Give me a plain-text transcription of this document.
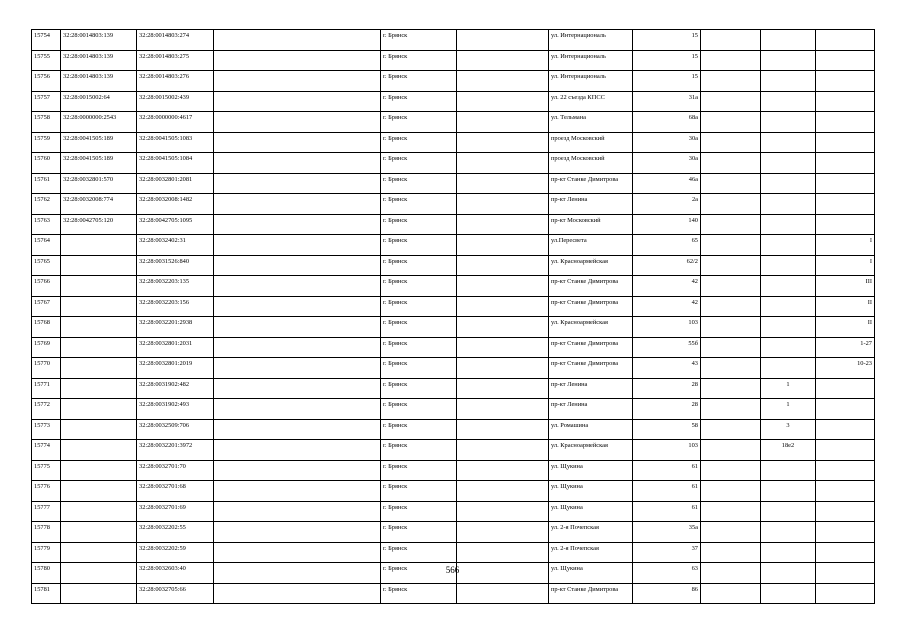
15754	32:28:0014803:139	32:28:0014803:274		г. Брянск		ул. Интернациональ	15			
15755	32:28:0014803:139	32:28:0014803:275		г. Брянск		ул. Интернациональ	15			
15756	32:28:0014803:139	32:28:0014803:276		г. Брянск		ул. Интернациональ	15			
15757	32:28:0015002:64	32:28:0015002:439		г. Брянск		ул. 22 съезда КПСС	31а			
15758	32:28:0000000:2543	32:28:0000000:4617		г. Брянск		ул. Тельмана	68а			
15759	32:28:0041505:189	32:28:0041505:1083		г. Брянск		проезд Московский	30а			
15760	32:28:0041505:189	32:28:0041505:1084		г. Брянск		проезд Московский	30а			
15761	32:28:0032801:570	32:28:0032801:2081		г. Брянск		пр-кт Станке Димитрова	46а			
15762	32:28:0032008:774	32:28:0032008:1482		г. Брянск		пр-кт Ленина	2а			
15763	32:28:0042705:120	32:28:0042705:1095		г. Брянск		пр-кт Московский	140			
15764		32:28:0032402:31		г. Брянск		ул.Пересвета	65			I
15765		32:28:0031526:840		г. Брянск		ул. Красноармейская	62/2			I
15766		32:28:0032203:135		г. Брянск		пр-кт Станке Димитрова	42			III
15767		32:28:0032203:156		г. Брянск		пр-кт Станке Димитрова	42			II
15768		32:28:0032201:2938		г. Брянск		ул. Красноармейская	103			II
15769		32:28:0032801:2031		г. Брянск		пр-кт Станке Димитрова	55б			1-27
15770		32:28:0032801:2019		г. Брянск		пр-кт Станке Димитрова	43			10-23
15771		32:28:0031902:482		г. Брянск		пр-кт Ленина	28		1	
15772		32:28:0031902:493		г. Брянск		пр-кт Ленина	28		1	
15773		32:28:0032509:706		г. Брянск		ул. Ромашина	58		3	
15774		32:28:0032201:3972		г. Брянск		ул. Красноармейская	103		18е2	
15775		32:28:0032701:70		г. Брянск		ул. Щукина	61			
15776		32:28:0032701:68		г. Брянск		ул. Щукина	61			
15777		32:28:0032701:69		г. Брянск		ул. Щукина	61			
15778		32:28:0032202:55		г. Брянск		ул. 2-я Почепская	35а			
15779		32:28:0032202:59		г. Брянск		ул. 2-я Почепская	37			
15780		32:28:0032603:40		г. Брянск		ул. Щукина	63			
15781		32:28:0032705:66		г. Брянск		пр-кт Станке Димитрова	86			
566
